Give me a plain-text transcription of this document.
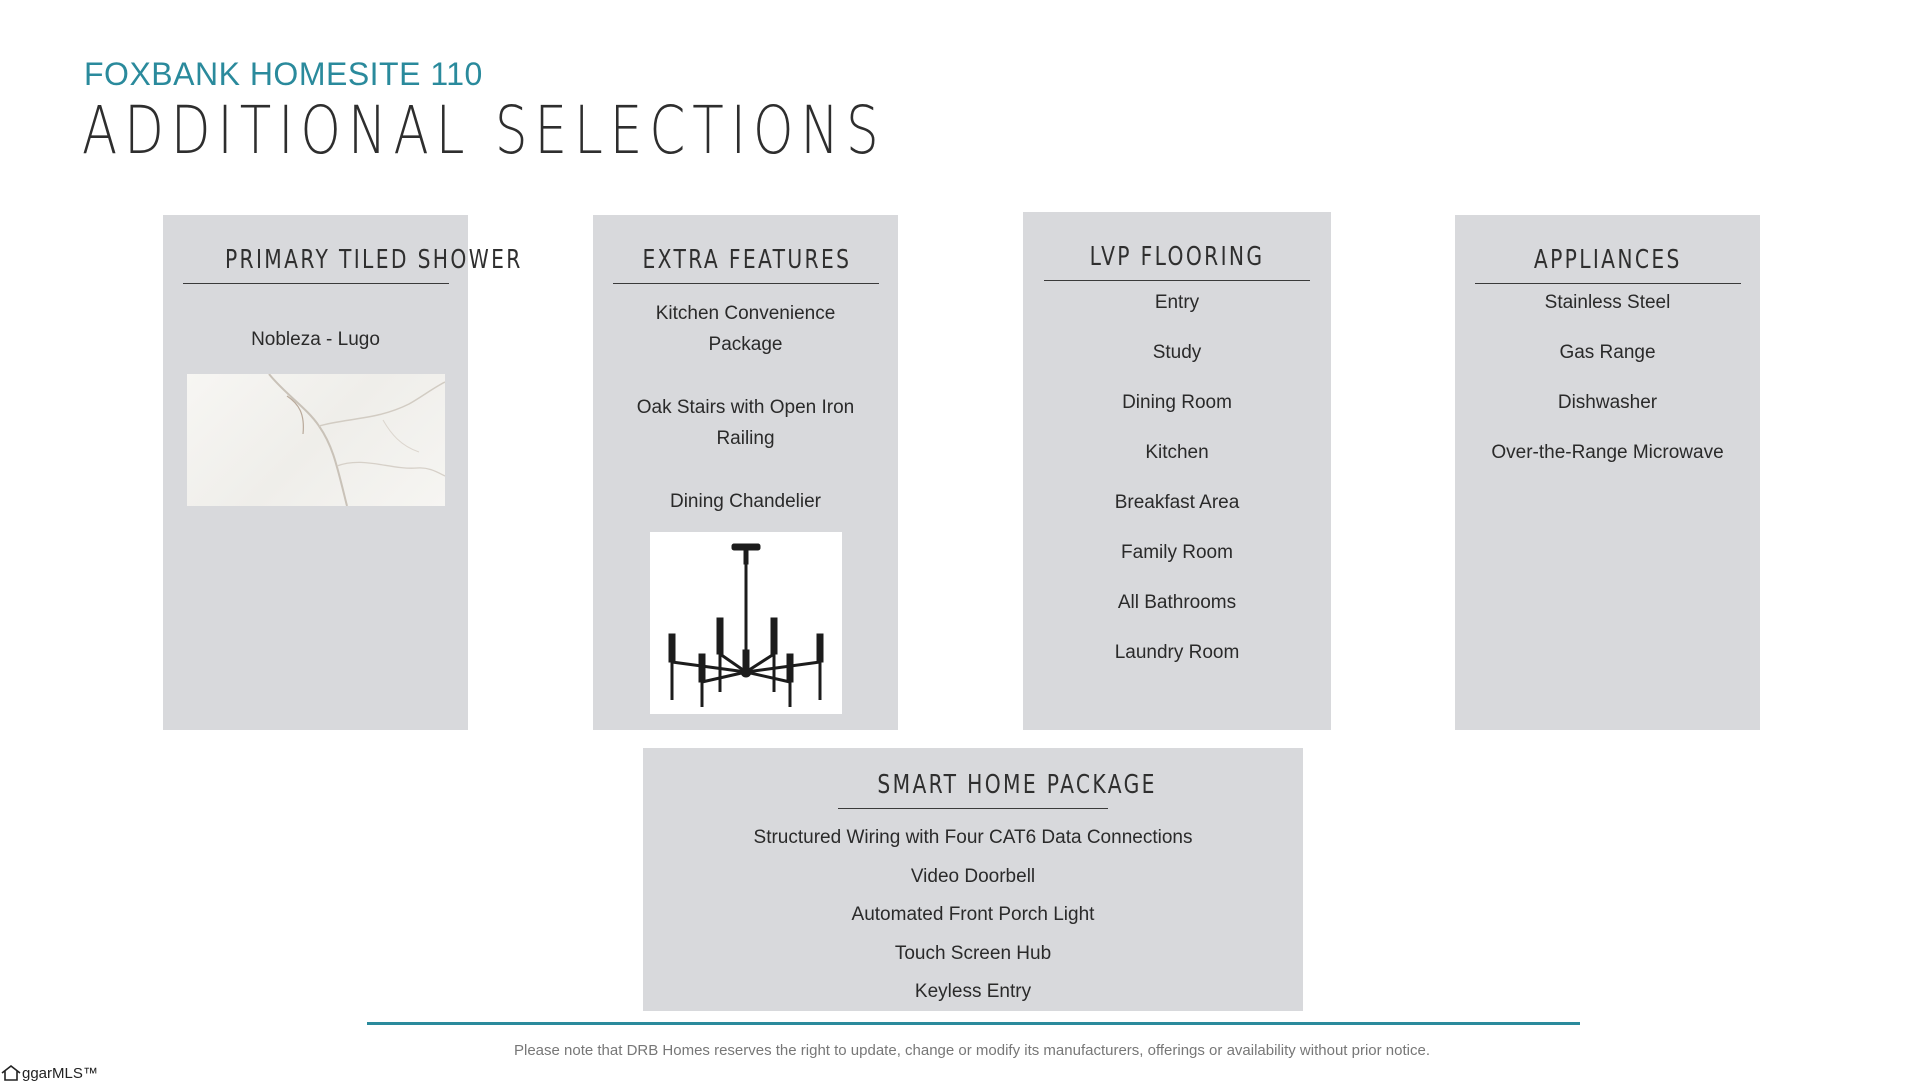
FOXBANK HOMESITE 110
ADDITIONAL SELECTIONS
PRIMARY TILED SHOWER
Nobleza - Lugo
EXTRA FEATURES
Kitchen Convenience Package
Oak Stairs with Open Iron Railing
Dining Chandelier
LVP FLOORING
Entry
Study
Dining Room
Kitchen
Breakfast Area
Family Room
All Bathrooms
Laundry Room
APPLIANCES
Stainless Steel
Gas Range
Dishwasher
Over-the-Range Microwave
SMART HOME PACKAGE
Structured Wiring with Four CAT6 Data Connections
Video Doorbell
Automated Front Porch Light
Touch Screen Hub
Keyless Entry
Please note that DRB Homes reserves the right to update, change or modify its manufacturers, offerings or availability without prior notice.
ggarMLS™
